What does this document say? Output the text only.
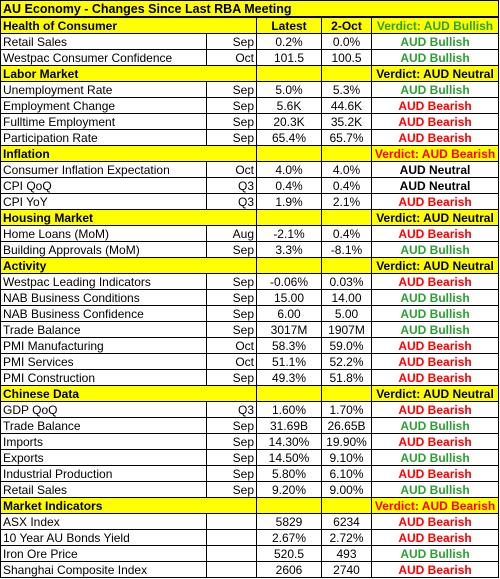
AU Economy - Changes Since Last RBA Meeting				
Health of Consumer		Latest	2-Oct	Verdict: AUD Bullish
Retail Sales	Sep	0.2%	0.0%	AUD Bullish
Westpac Consumer Confidence	Oct	101.5	100.5	AUD Bullish
Labor Market				Verdict: AUD Neutral
Unemployment Rate	Sep	5.0%	5.3%	AUD Bullish
Employment Change	Sep	5.6K	44.6K	AUD Bearish
Fulltime Employment	Sep	20.3K	35.2K	AUD Bearish
Participation Rate	Sep	65.4%	65.7%	AUD Bearish
Inflation				Verdict: AUD Bearish
Consumer Inflation Expectation	Oct	4.0%	4.0%	AUD Neutral
CPI QoQ	Q3	0.4%	0.4%	AUD Neutral
CPI YoY	Q3	1.9%	2.1%	AUD Bearish
Housing Market				Verdict: AUD Neutral
Home Loans (MoM)	Aug	-2.1%	0.4%	AUD Bearish
Building Approvals (MoM)	Sep	3.3%	-8.1%	AUD Bullish
Activity				Verdict: AUD Neutral
Westpac Leading Indicators	Sep	-0.06%	0.03%	AUD Bearish
NAB Business Conditions	Sep	15.00	14.00	AUD Bullish
NAB Business Confidence	Sep	6.00	5.00	AUD Bullish
Trade Balance	Sep	3017M	1907M	AUD Bullish
PMI Manufacturing	Oct	58.3%	59.0%	AUD Bearish
PMI Services	Oct	51.1%	52.2%	AUD Bearish
PMI Construction	Sep	49.3%	51.8%	AUD Bearish
Chinese Data				Verdict: AUD Neutral
GDP QoQ	Q3	1.60%	1.70%	AUD Bearish
Trade Balance	Sep	31.69B	26.65B	AUD Bullish
Imports	Sep	14.30%	19.90%	AUD Bearish
Exports	Sep	14.50%	9.10%	AUD Bullish
Industrial Production	Sep	5.80%	6.10%	AUD Bearish
Retail Sales	Sep	9.20%	9.00%	AUD Bullish
Market Indicators				Verdict: AUD Bearish
ASX Index		5829	6234	AUD Bearish
10 Year AU Bonds Yield		2.67%	2.72%	AUD Bearish
Iron Ore Price		520.5	493	AUD Bullish
Shanghai Composite Index		2606	2740	AUD Bearish
